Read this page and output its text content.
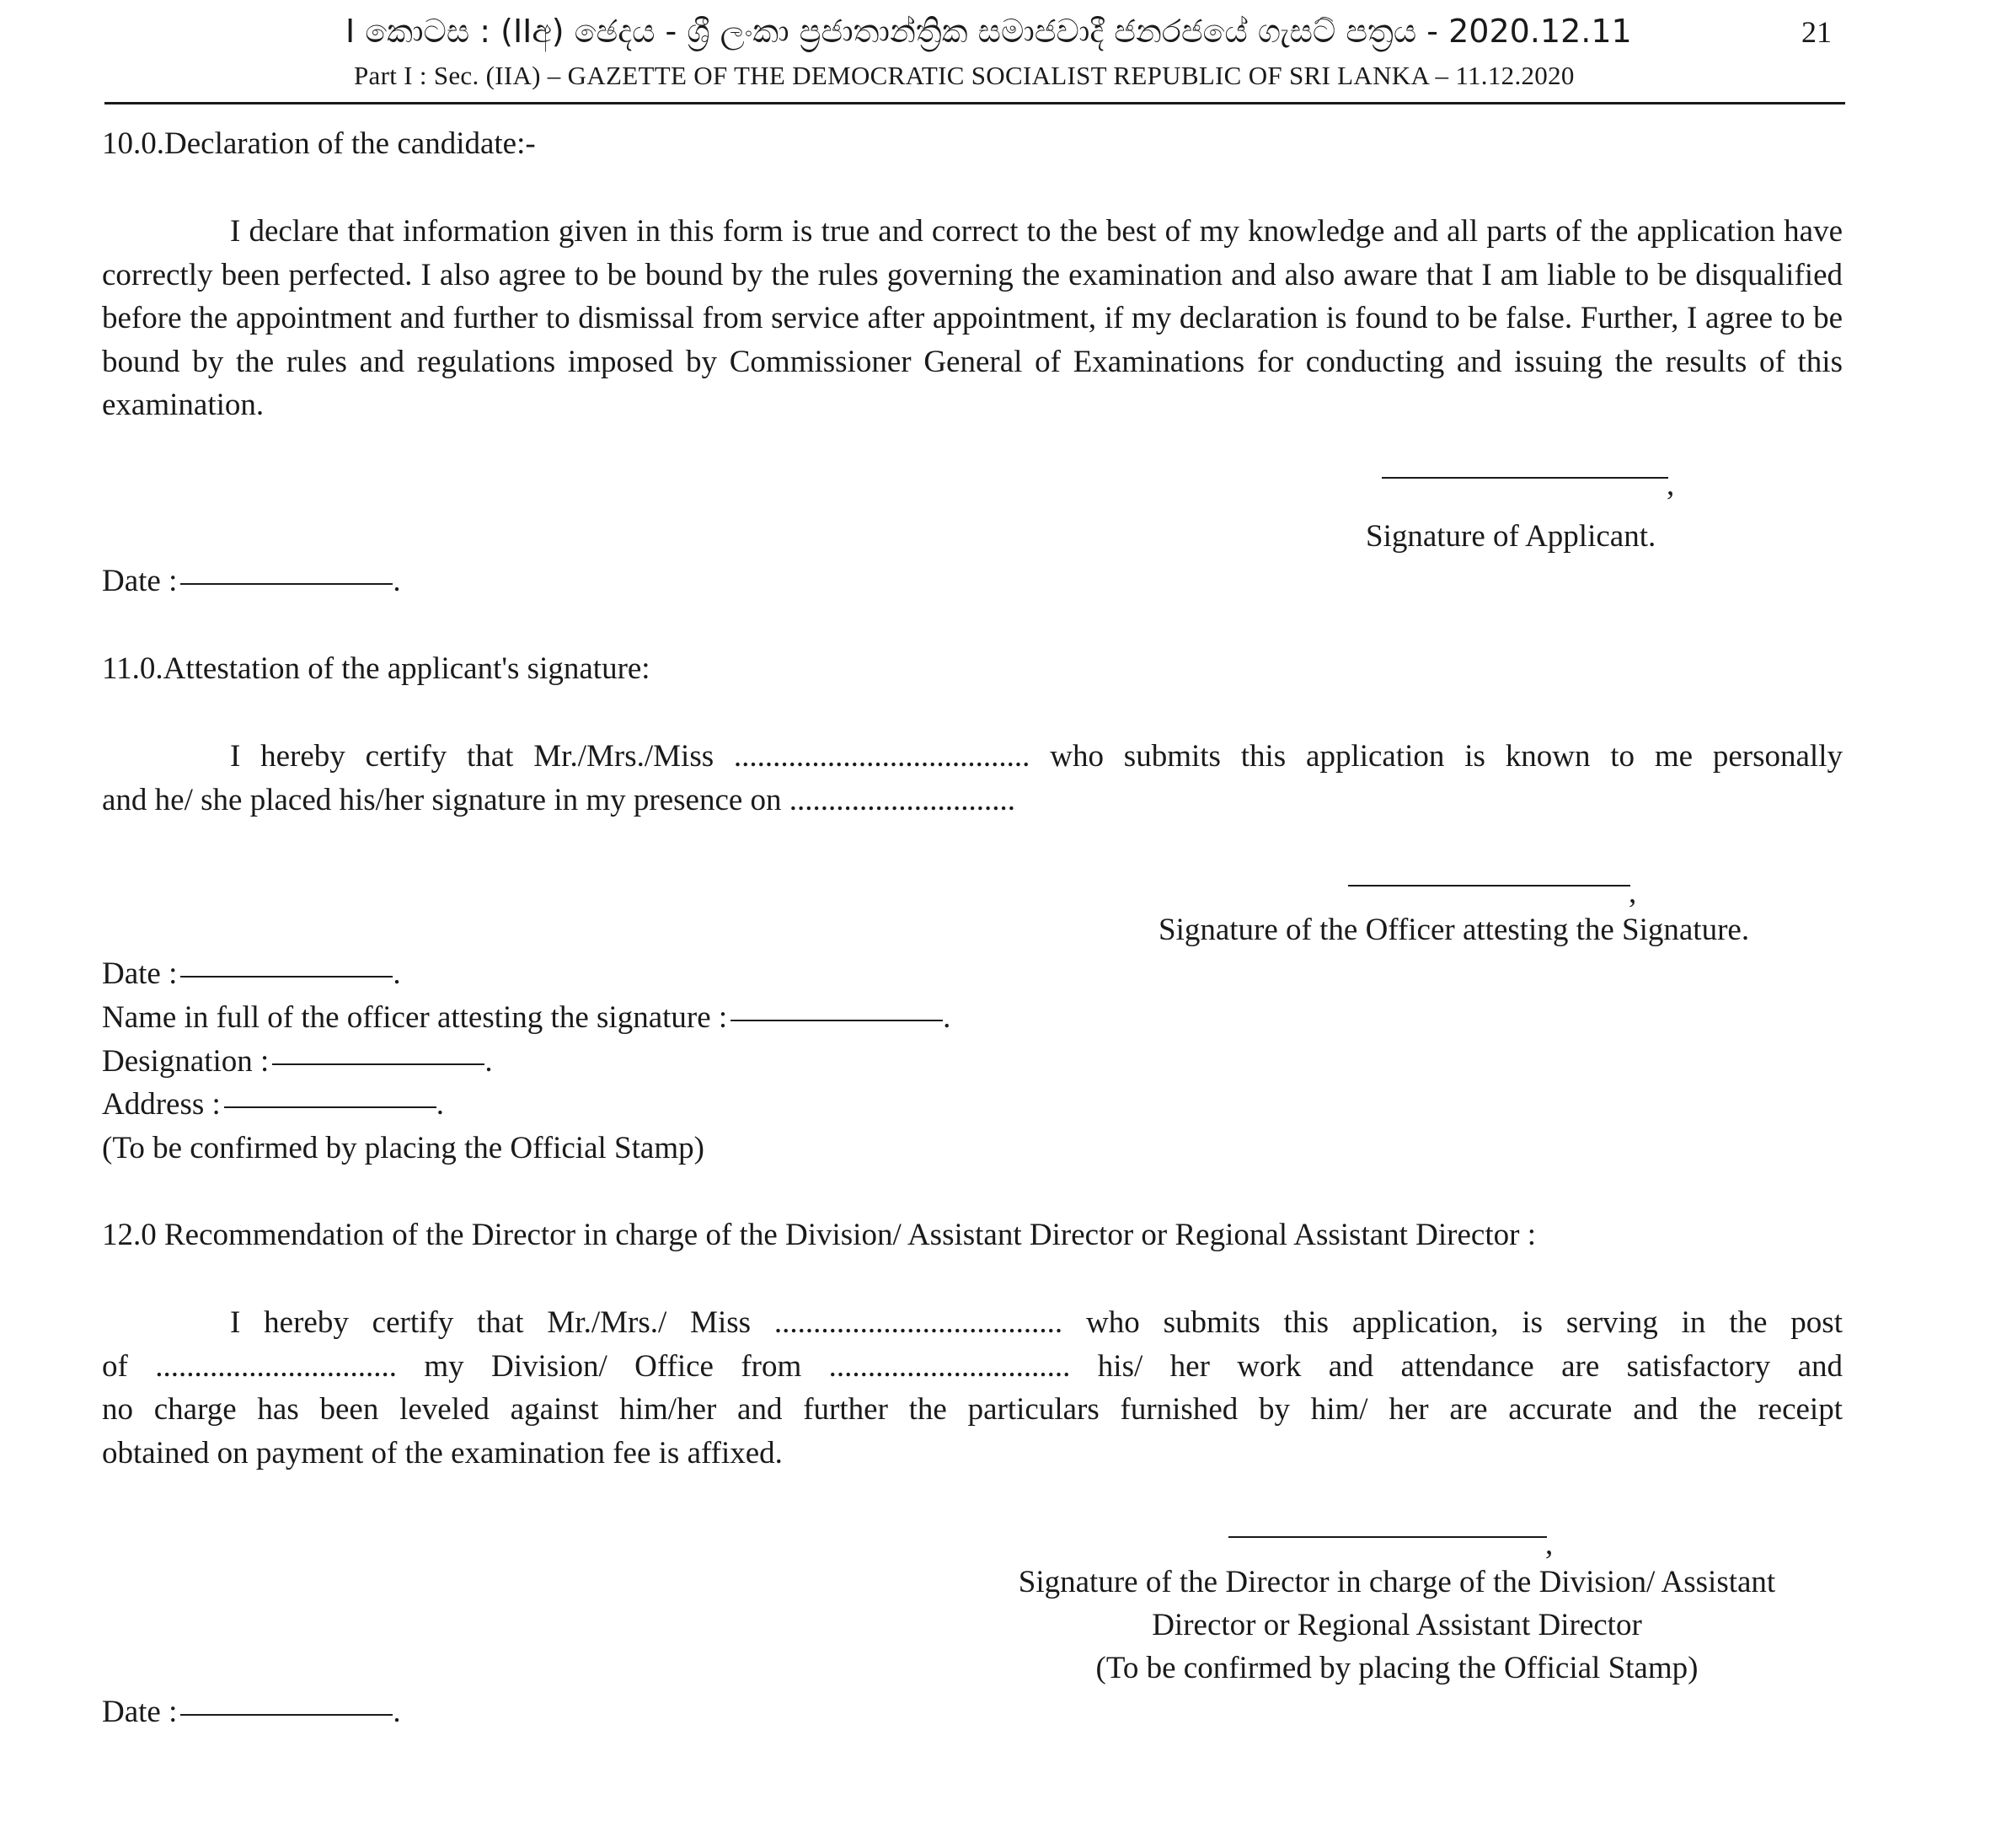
I කොටස : (IIඅ) ඡෙදය - ශ්‍රී ලංකා ප්‍රජාතාන්ත්‍රික සමාජවාදී ජනරජයේ ගැසට් පත්‍රය - 2020.12.11
Part I : Sec. (IIA) – GAZETTE OF THE DEMOCRATIC SOCIALIST REPUBLIC OF SRI LANKA – 11.12.2020
21
10.0.Declaration of the candidate:-
I declare that information given in this form is true and correct to the best of my knowledge and all parts of the application have correctly been perfected. I also agree to be bound by the rules governing the examination and also aware that I am liable to be disqualified before the appointment and further to dismissal from service after appointment, if my declaration is found to be false. Further, I agree to be bound by the rules and regulations imposed by Commissioner General of Examinations for conducting and issuing the results of this examination.
,
Signature of Applicant.
Date :	.
11.0.Attestation of the applicant's signature:
I hereby certify that Mr./Mrs./Miss ...................................... who submits this application is known to me personally
and he/ she placed his/her signature in my presence on .............................
,
Signature of the Officer attesting the Signature.
Date :	.
Name in full of the officer attesting the signature :	.
Designation :	.
Address :	.
(To be confirmed by placing the Official Stamp)
12.0 Recommendation of the Director in charge of the Division/ Assistant Director or Regional Assistant Director :
I hereby certify that Mr./Mrs./ Miss ..................................... who submits this application, is serving in the post
of ............................... my Division/ Office from ............................... his/ her work and attendance are satisfactory and
no charge has been leveled against him/her and further the particulars furnished by him/ her are accurate and the receipt
obtained on payment of the examination fee is affixed.
,
Signature of the Director in charge of the Division/ Assistant
Director or Regional Assistant Director
(To be confirmed by placing the Official Stamp)
Date :	.
